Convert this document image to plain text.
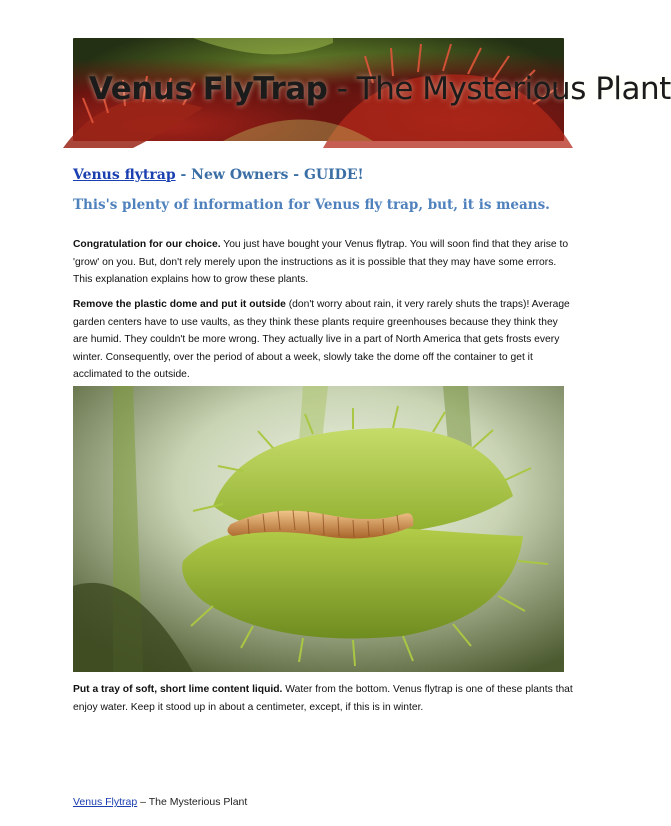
Venus FlyTrap - The Mysterious Plant
Venus flytrap - New Owners - GUIDE!
This's plenty of information for Venus fly trap, but, it is means.
Congratulation for our choice. You just have bought your Venus flytrap. You will soon find that they arise to 'grow' on you. But, don't rely merely upon the instructions as it is possible that they may have some errors. This explanation explains how to grow these plants.
Remove the plastic dome and put it outside (don't worry about rain, it very rarely shuts the traps)! Average garden centers have to use vaults, as they think these plants require greenhouses because they think they are humid. They couldn't be more wrong. They actually live in a part of North America that gets frosts every winter. Consequently, over the period of about a week, slowly take the dome off the container to get it acclimated to the outside.
Put a tray of soft, short lime content liquid. Water from the bottom. Venus flytrap is one of these plants that enjoy water. Keep it stood up in about a centimeter, except, if this is in winter.
Venus Flytrap – The Mysterious Plant
